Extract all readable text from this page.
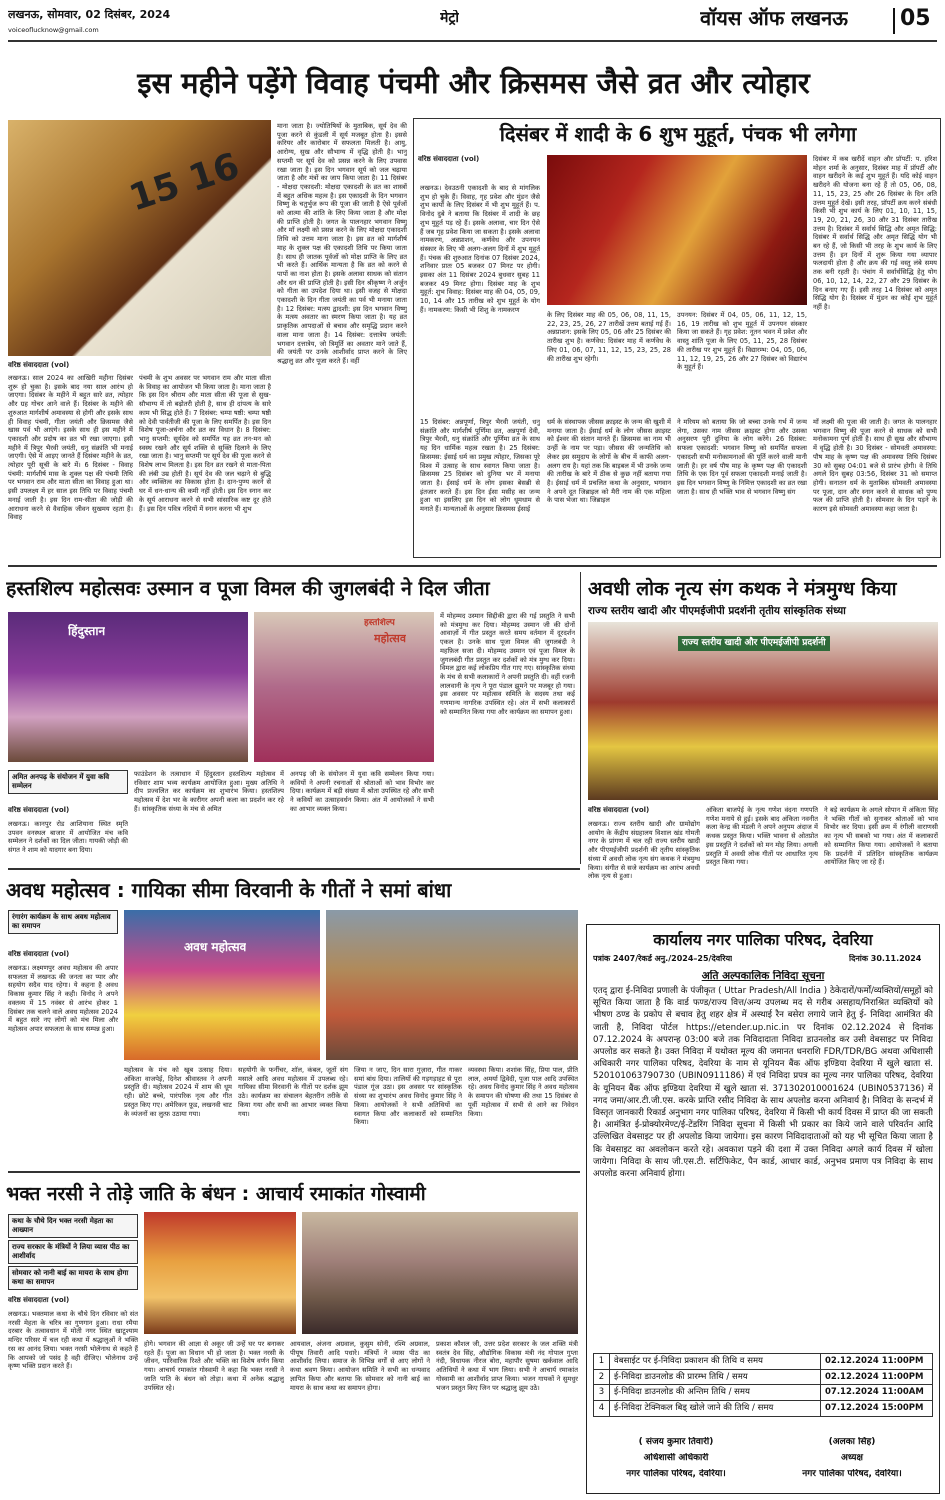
लखनऊ, सोमवार, 02 दिसंबर, 2024
voiceoflucknow@gmail.com
मेट्रो	वॉयस ऑफ लखनऊ 05
इस महीने पड़ेंगे विवाह पंचमी और क्रिसमस जैसे व्रत और त्योहार
15 16
वरिष्ठ संवाददाता (vol)
लखनऊ। साल 2024 का आखिरी महीना दिसंबर शुरू हो चुका है। इसके बाद नया साल आरंभ हो जाएगा। दिसंबर के महीने में बहुत सारे व्रत, त्योहार और ग्रह गोचर आने वाले हैं। दिसंबर के महीने की शुरुआत मार्गशीर्ष अमावस्या से होगी और इसके साथ ही विवाह पंचमी, गीता जयंती और क्रिसमस जैसे खास पर्व भी आएंगे। इसके साथ ही इस महीने में एकादशी और प्रदोष का व्रत भी रखा जाएगा। इसी महीने में त्रिपुर भैरवी जयंती, धनु संक्रांति भी मनाई जाएगी। ऐसे में आइए जानते हैं दिसंबर महीने के व्रत, त्योहार पूरी सूची के बारे में। 6 दिसंबर - विवाह पंचमी: मार्गशीर्ष मास के शुक्ल पक्ष की पंचमी तिथि पर भगवान राम और माता सीता का विवाह हुआ था। इसी उपलक्ष्य में हर साल इस तिथि पर विवाह पंचमी मनाई जाती है। इस दिन राम-सीता की जोड़ी की आराधना करने से वैवाहिक जीवन सुखमय रहता है। विवाह
पंचमी के शुभ अवसर पर भगवान राम और माता सीता के विवाह का आयोजन भी किया जाता है। माना जाता है कि इस दिन श्रीराम और माता सीता की पूजा से सुख-सौभाग्य में तो बढ़ोतरी होती है, साथ ही दांपत्य के सारे काम भी सिद्ध होते हैं। 7 दिसंबर: चम्पा षष्ठी: चम्पा षष्ठी को देवी पार्वतीजी की पूजा के लिए समर्पित है। इस दिन विशेष पूजा-अर्चना और व्रत का विधान है। 8 दिसंबर: भानु सप्तमी: सूर्यदेव को समर्पित यह व्रत तन-मन को स्वस्थ रखने और सूर्य शक्ति से सूक्ति दिलाने के लिए रखा जाता है। भानु सप्तमी पर सूर्य देव की पूजा करने से विशेष लाभ मिलता है। इस दिन व्रत रखने से माता-पिता की लंबी उम्र होती है। सूर्य देव की जल चढ़ाने से बुद्धि और व्यक्तित्व का विकास होता है। दान-पुण्य करने से घर में धन-धान्य की कमी नहीं होती। इस दिन स्नान कर के सूर्य आराधना करने से सभी सांसारिक कष्ट दूर होते हैं। इस दिन पवित्र नदियों में स्नान करना भी शुभ
माना जाता है। ज्योतिषियों के मुताबिक, सूर्य देव की पूजा करने से कुंडली में सूर्य मजबूत होता है। इससे करियर और कारोबार में सफलता मिलती है। आयु, आरोग्य, सुख और सौभाग्य में वृद्धि होती है। भानु सप्तमी पर सूर्य देव को प्रसन्न करने के लिए उपवास रखा जाता है। इस दिन भगवान सूर्य को जल चढ़ाया जाता है और मंत्रों का जाप किया जाता है। 11 दिसंबर - मोक्षदा एकादशी: मोक्षदा एकादशी के व्रत का शास्त्रों में बहुत अधिक महत्व है। इस एकादशी के दिन भगवान विष्णु के चतुर्भुज रूप की पूजा की जाती है ऐसे पूर्वजों को आत्मा की शांति के लिए किया जाता है और मोक्ष की प्राप्ति होती है। जगत के पालनहार भगवान विष्णु और माँ लक्ष्मी को प्रसन्न करने के लिए मोक्षदा एकादशी तिथि को उत्तम माना जाता है। इस व्रत को मार्गशीर्ष माह के शुक्ल पक्ष की एकादशी तिथि पर किया जाता है। साथ ही जातक पूर्वजों को मोक्ष प्राप्ति के लिए व्रत भी करते हैं। आर्थिक मान्यता है कि व्रत को करने से पापों का नाश होता है। इसके अलावा साधक को संतान और धन की प्राप्ति होती है। इसी दिन श्रीकृष्ण ने अर्जुन को गीता का उपदेश दिया था। इसी वजह से मोक्षदा एकादशी के दिन गीता जयंती का पर्व भी मनाया जाता है। 12 दिसंबर: मत्स्य द्वादशी: इस दिन भगवान विष्णु के मत्स्य अवतार का स्मरण किया जाता है। यह व्रत प्राकृतिक आपदाओं से बचाव और समृद्धि प्रदान करने वाला माना जाता है। 14 दिसंबर: दत्तात्रेय जयंती: भगवान दत्तात्रेय, जो त्रिमूर्ति का अवतार माने जाते हैं, की जयंती पर उनके आशीर्वाद प्राप्त करने के लिए श्रद्धालु व्रत और पूजा करते हैं। वहीं
दिसंबर में शादी के 6 शुभ मुहूर्त, पंचक भी लगेगा
वरिष्ठ संवाददाता (vol)
लखनऊ। देवउठनी एकादशी के बाद से मांगलिक शुभ हो चुके हैं। विवाह, गृह प्रवेश और मुंडन जैसे शुभ कार्यों के लिए दिसंबर में भी शुभ मुहूर्त हैं। प. विनोद दुबे ने बताया कि दिसंबर में शादी के छह शुभ मुहूर्त पड़ रहे हैं। इसके अलावा, चार दिन ऐसे हैं जब गृह प्रवेश किया जा सकता है। इसके अलावा नामकरण, अन्नप्राशन, कर्णवेध और उपनयन संस्कार के लिए भी अलग-अलग दिनों में शुभ मुहूर्त हैं। पंचक की शुरुआत दिनांक 07 दिसंबर 2024, शनिवार प्रातः 05 बजकर 07 मिनट पर होगी। इसका अंत 11 दिसंबर 2024 बुधवार सुबह 11 बजकर 49 मिनट होगा। दिसंबर माह के शुभ मुहूर्त: शुभ विवाह: दिसंबर माह की 04, 05, 09, 10, 14 और 15 तारीख को शुभ मुहूर्त के योग हैं। नामकरण: किसी भी शिशु के नामकरण
के लिए दिसंबर माह की 05, 06, 08, 11, 15, 22, 23, 25, 26, 27 तारीखें उत्तम बताई गई हैं। अन्नप्राशन: इसके लिए 05, 06 और 25 दिसंबर की तारीख शुभ है। कर्णवेध: दिसंबर माह में कर्णवेध के लिए 01, 06, 07, 11, 12, 15, 23, 25, 28 की तारीख शुभ रहेगी।
उपनयन: दिसंबर में 04, 05, 06, 11, 12, 15, 16, 19 तारीख को शुभ मुहूर्त में उपनयन संस्कार किया जा सकते हैं। गृह प्रवेश: नूतन भवन में प्रवेश और वास्तु शांति पूजा के लिए 05, 11, 25, 28 दिसंबर की तारीख पर शुभ मुहूर्त हैं। विद्यारम्भ: 04, 05, 06, 11, 12, 19, 25, 26 और 27 दिसंबर को विद्यारंभ के मुहूर्त हैं।
दिसंबर में कब खरीदें वाहन और प्रॉपर्टी: प. हरिश मोहन शर्मा के अनुसार, दिसंबर माह में प्रॉपर्टी और वाहन खरीदने के कई शुभ मुहूर्त हैं। यदि कोई वाहन खरीदने की योजना बना रहे हैं तो 05, 06, 08, 11, 15, 23, 25 और 26 दिसंबर के दिन अति उत्तम मुहूर्त देखें। इसी तरह, प्रॉपर्टी क्रय करने संबंधी किसी भी शुभ कार्य के लिए 01, 10, 11, 15, 19, 20, 21, 26, 30 और 31 दिसंबर तारीख उत्तम है। दिसंबर में सर्वार्थ सिद्धि और अमृत सिद्धि: दिसंबर में सर्वार्थ सिद्धि और अमृत सिद्धि योग भी बन रहे हैं, जो किसी भी तरह के शुभ कार्य के लिए उत्तम हैं। इन दिनों में शुरू किया गया व्यापार फलदायी होता है और क्रय की गई वस्तु लंबे समय तक बनी रहती है। पंचांग में सर्वार्थसिद्धि हेतु योग 06, 10, 12, 14, 22, 27 और 29 दिसंबर के दिन बनाए गए हैं। इसी तरह 14 दिसंबर को अमृत सिद्धि योग है। दिसंबर में मुंडन का कोई शुभ मुहूर्त नहीं है।
15 दिसंबर: अन्नपूर्णा, त्रिपुर भैरवी जयंती, धनु संक्रांति और मार्गशीर्ष पूर्णिमा व्रत, अन्नपूर्णा देवी, त्रिपुर भैरवी, धनु संक्रांति और पूर्णिमा व्रत के साथ यह दिन धार्मिक महत्व रखता है। 25 दिसंबर: क्रिसमस: ईसाई धर्म का प्रमुख त्योहार, जिसका पूरे विश्व में उत्साह के साथ स्वागत किया जाता है। क्रिसमस 25 दिसंबर को दुनिया भर में मनाया जाता है। ईसाई धर्म के लोग इसका बेसब्री से इंतजार करते हैं। इस दिन ईसा मसीह का जन्म हुआ था इसलिए इस दिन को लोग धूमधाम से मनाते हैं। मान्यताओं के अनुसार क्रिसमस ईसाई
धर्म के संस्थापक जीसस क्राइस्ट के जन्म की खुशी में मनाया जाता है। ईसाई धर्म के लोग जीसस क्राइस्ट को ईश्वर की संतान मानते हैं। क्रिसमस का नाम भी उन्हीं के नाम पर पड़ा। जीसस की जन्मतिथि को लेकर इस समुदाय के लोगों के बीच में काफी अलग-अलग राय है। यहां तक कि बाइबल में भी उनके जन्म की तारीख के बारे में ठीक से कुछ नहीं बताया गया है। ईसाई धर्म में प्रचलित कथा के अनुसार, भगवान ने अपने दूत जिब्राइल को मैरी नाम की एक महिला के पास भेजा था। जिब्राइल
ने मरियम को बताया कि जो बच्चा उनके गर्भ में जन्म लेगा, उसका नाम जीसस क्राइस्ट होगा और उसका अनुसरण पूरी दुनिया के लोग करेंगे। 26 दिसंबर: सफला एकादशी: भगवान विष्णु को समर्पित सफला एकादशी सभी मनोकामनाओं की पूर्ति करने वाली मानी जाती है। हर वर्ष पौष माह के कृष्ण पक्ष की एकादशी तिथि के एक दिन पूर्व सफला एकादशी मनाई जाती है। इस दिन भगवान विष्णु के निमित्त एकादशी का व्रत रखा जाता है। साथ ही भक्ति भाव से भगवान विष्णु संग
माँ लक्ष्मी की पूजा की जाती है। जगत के पालनहार भगवान विष्णु की पूजा करने से साधक को सभी मनोकामना पूर्ण होती है। साथ ही सुख और सौभाग्य में वृद्धि होती है। 30 दिसंबर - सोमवती अमावस्या: पौष माह के कृष्ण पक्ष की अमावस्या तिथि दिसंबर 30 को सुबह 04:01 बजे से प्रारंभ होगी। वे तिथि अगले दिन सुबह 03:56, दिसंबर 31 को समाप्त होगी। सनातन धर्म के मुताबिक सोमवती अमावस्या पर पूजा, दान और स्नान करने से साधक को पुण्य फल की प्राप्ति होती है। सोमवार के दिन पड़ने के कारण इसे सोमवती अमावस्या कहा जाता है।
हस्तशिल्प महोत्सवः उस्मान व पूजा विमल की जुगलबंदी ने दिल जीता
हिंदुस्तान
हस्तशिल्प
महोत्सव
में मोहम्मद उस्मान सिद्दीकी द्वारा की गई प्रस्तुति ने सभी को मंत्रमुग्ध कर दिया। मोहम्मद उस्मान जी की दोनों आवाज़ों में गीत प्रस्तुत करते समय वर्तमान में दूरदर्शन एकल है। उनके साथ पूजा विमल की जुगलबंदी ने महफ़िल सजा दी। मोहम्मद उस्मान एवं पूजा विमल के जुगलबंदी गीत प्रस्तुत कर दर्शकों को मंत्र मुग्ध कर दिया। विमल द्वारा कई लोकप्रिय गीत गाए गए। सांस्कृतिक संध्या के मंच से सभी कलाकारों ने अपनी प्रस्तुति दी। वहीं रजनी लालवानी के नृत्य ने पूरा पंडाल झूमने पर मजबूर हो गया। इस अवसर पर महोत्सव समिति के सदस्य तथा कई गणमान्य नागरिक उपस्थित रहे। अंत में सभी कलाकारों को सम्मानित किया गया और कार्यक्रम का समापन हुआ।
अमित अनपढ़ के संयोजन में युवा कवि सम्मेलन
वरिष्ठ संवाददाता (vol)
लखनऊ। कानपुर रोड आशियाना स्थित स्मृति उपवन वनस्थल बाजार में आयोजित मंच कवि सम्मेलन ने दर्शकों का दिल जीता। गायकी जोड़ी की संगत ने शाम को यादगार बना दिया।
फाउंडेशन के तत्वाधान में हिंदुस्तान हस्तशिल्प महोत्सव में रविवार शाम भव्य कार्यक्रम आयोजित हुआ। मुख्य अतिथि ने दीप प्रज्वलित कर कार्यक्रम का शुभारंभ किया। हस्तशिल्प महोत्सव में देश भर के कारीगर अपनी कला का प्रदर्शन कर रहे हैं। सांस्कृतिक संध्या के मंच से अमित
अनपढ़ जी के संयोजन में युवा कवि सम्मेलन किया गया। कवियों ने अपनी रचनाओं से श्रोताओं को भाव विभोर कर दिया। कार्यक्रम में बड़ी संख्या में श्रोता उपस्थित रहे और सभी ने कवियों का उत्साहवर्धन किया। अंत में आयोजकों ने सभी का आभार व्यक्त किया।
अवधी लोक नृत्य संग कथक ने मंत्रमुग्ध किया
राज्य स्तरीय खादी और पीएमईजीपी प्रदर्शनी तृतीय सांस्कृतिक संध्या
राज्य स्तरीय खादी और पीएमईजीपी प्रदर्शनी
वरिष्ठ संवाददाता (vol)
लखनऊ। राज्य स्तरीय खादी और ग्रामोद्योग आयोग के केंद्रीय संग्रहालय विशाल खंड गोमती नगर के प्रांगण में चल रही राज्य स्तरीय खादी और पीएमईजीपी प्रदर्शनी की तृतीय सांस्कृतिक संध्या में अवधी लोक नृत्य संग कथक ने मंत्रमुग्ध किया। संगीत से सजे कार्यक्रम का आरंभ अवधी लोक नृत्य से हुआ।
अंकिता बाजपेई के नृत्य गणेश वंदना गणपति गणेश मनाये से हुई। इसके बाद अंकिता नवनीत कला केन्द्र की मंडली ने अपने अनुपम अंदाज में कथक प्रस्तुत किया। भक्ति भावना से ओतप्रोत इस प्रस्तुति ने दर्शकों को मन मोह लिया। अगली प्रस्तुति में अवधी लोक गीतों पर आधारित नृत्य प्रस्तुत किया गया।
ने बड़े कार्यक्रम के अगले सोपान में अंकिता सिंह ने भक्ति गीतों को सुनाकर श्रोताओं को भाव विभोर कर दिया। इसी क्रम में रंगीली वाराणसी का नृत्य भी सबको भा गया। अंत में कलाकारों को सम्मानित किया गया। आयोजकों ने बताया कि प्रदर्शनी में प्रतिदिन सांस्कृतिक कार्यक्रम आयोजित किए जा रहे हैं।
अवध महोत्सव : गायिका सीमा विरवानी के गीतों ने समां बांधा
रंगारंग कार्यक्रम के साथ अवध महोत्सव का समापन
वरिष्ठ संवाददाता (vol)
लखनऊ। लक्ष्मणपुर अवध महोत्सव की अपार सफलता में लखनऊ की जनता का प्यार और सहयोग सदैव याद रहेगा। ये कहना है अवध विकास कुमार सिंह ने कही। विनोद ने अपने वक्तव्य में 15 नवंबर से आरंभ होकर 1 दिसंबर तक चलने वाले अवध महोत्सव 2024 में बहुत सारे नए लोगों को मंच मिला और महोत्सव अपार सफलता के साथ सम्पन्न हुआ।
अवध महोत्सव
महोत्सव के मंच को खूब उत्साह दिया। अंकिता वाजपेई, दिनेश श्रीवास्तव ने अपनी प्रस्तुति दी। महोत्सव 2024 में शाम की धूम रही। छोटे बच्चे, पारंपरिक नृत्य और गीत प्रस्तुत किए गए। अमेरिकन फ़ूड, लखनवी चाट के व्यंजनों का लुत्फ़ उठाया गया।
सहयोगी के फर्नीचर, शॉल, कंबल, जूतों संग मसाले आदि अवध महोत्सव में उपलब्ध रहे। गायिका सीमा विरवानी के गीतों पर दर्शक झूम उठे। कार्यक्रम का संचालन बेहतरीन तरीके से किया गया और सभी का आभार व्यक्त किया गया।
जिया न जाए, दिन सारा गुज़ारा, गीत गाकर समां बांध दिया। तालियों की गड़गड़ाहट से पूरा पंडाल गूंज उठा। इस अवसर पर सांस्कृतिक संध्या का शुभारंभ अवध विनोद कुमार सिंह ने किया। आयोजकों ने सभी अतिथियों का स्वागत किया और कलाकारों को सम्मानित किया।
व्यवस्था किया। शशांक सिंह, प्रिया पाल, प्रीति लाल, अमर्या द्विवेदी, पूजा पाल आदि उपस्थित रहे। अवध विनोद कुमार सिंह ने अवध महोत्सव के समापन की घोषणा की तथा 15 दिसंबर से पूर्वी महोत्सव में सभी से आने का निवेदन किया।
भक्त नरसी ने तोड़े जाति के बंधन : आचार्य रमाकांत गोस्वामी
कथा के चौथे दिन भक्त नरसी मेहता का आख्यान
राज्य सरकार के मंत्रियों ने लिया व्यास पीठ का आशीर्वाद
सोमवार को नानी बाई का मायरा के साथ होगा कथा का समापन
वरिष्ठ संवाददाता (vol)
लखनऊ। भक्तमाल कथा के चौथे दिन रविवार को संत नरसी मेहता के चरित्र का गुणगान हुआ। राधा रमैया दरबार के तत्वावधान में मोती नगर स्थित खाटूश्याम मन्दिर परिसर में चल रही कथा में श्रद्धालुओं ने भक्ति रस का आनंद लिया। भक्त नरसी भोलेनाथ से कहते हैं कि आपको जो पसंद है वही दीजिए। भोलेनाथ उन्हें कृष्ण भक्ति प्रदान करते हैं।
होगे। भगवान की आज्ञा से अकूर जी उन्हें घर पर बनाकर रहते हैं। पूजा का विधान भी हो जाता है। भक्त नरसी के जीवन, पारिवारिक रिश्ते और भक्ति का विशेष वर्णन किया गया। आचार्य रमाकांत गोस्वामी ने कहा कि भक्त नरसी ने जाति पाति के बंधन को तोड़ा। कथा में अनेक श्रद्धालु उपस्थित रहे।
आयवाल, अंजना अग्रवाल, कुसुम सोनी, रश्मि अग्रवाल, पीयूष तिवारी आदि पधारे। मंत्रियों ने व्यास पीठ का आशीर्वाद लिया। समाज के विभिन्न वर्गों से आए लोगों ने कथा श्रवण किया। आयोजन समिति ने सभी का धन्यवाद ज्ञापित किया और बताया कि सोमवार को नानी बाई का मायरा के साथ कथा का समापन होगा।
प्रकाश कौशल जी, उत्तर प्रदेश सरकार के जल शक्ति मंत्री स्वतंत्र देव सिंह, औद्योगिक विकास मंत्री नंद गोपाल गुप्ता नंदी, विधायक नीरज बोरा, महापौर सुषमा खर्कवाल आदि अतिथियों ने कथा में भाग लिया। सभी ने आचार्य रमाकांत गोस्वामी का आशीर्वाद प्राप्त किया। भजन गायकों ने सुमधुर भजन प्रस्तुत किए जिन पर श्रद्धालु झूम उठे।
कार्यालय नगर पालिका परिषद, देवरिया
पत्रांक 2407/रेकर्ड अनु./2024–25/देवरिया	दिनांक 30.11.2024
अति अल्पकालिक निविदा सूचना
एतद् द्वारा ई-निविदा प्रणाली के पंजीकृत ( Uttar Pradesh/All India ) ठेकेदारों/फर्मों/व्यक्तियों/समूहों को सूचित किया जाता है कि वार्ड फण्ड/राज्य वित्त/अन्य उपलब्ध मद से गरीब असहाय/निराश्रित व्यक्तियों को भीषण ठण्ड के प्रकोप से बचाव हेतु शहर क्षेत्र में अस्थाई रैन बसेरा लगाये जाने हेतु ई- निविदा आमंत्रित की जाती है, निविदा पोर्टल https://etender.up.nic.in पर दिनांक 02.12.2024 से दिनांक 07.12.2024 के अपरान्ह 03:00 बजे तक निविदादाता निविदा डाउनलोड कर उसी वेबसाइट पर निविदा अपलोड कर सकते है। उक्त निविदा में यथोक्त मूल्य की जमानत धनराशि FDR/TDR/BG अथवा अधिशासी अधिकारी नगर पालिका परिषद, देवरिया के नाम से यूनियन बैंक ऑफ इण्डिया देवरिया में खुले खाता सं. 520101063790730 (UBIN0911186) में एवं निविदा प्रपत्र का मूल्य नगर पालिका परिषद, देवरिया के यूनियन बैंक ऑफ इण्डिया देवरिया में खुले खाता सं. 371302010001624 (UBIN0537136) में नगद जमा/आर.टी.जी.एस. करके प्राप्ति रसीद निविदा के साथ अपलोड करना अनिवार्य है। निविदा के सन्दर्भ में विस्तृत जानकारी रिकार्ड अनुभाग नगर पालिका परिषद, देवरिया में किसी भी कार्य दिवस में प्राप्त की जा सकती है। आमंत्रित ई-प्रोक्योरमेण्ट/ई-टेंडरिंग निविदा सूचना में किसी भी प्रकार का किये जाने वाले परिवर्तन आदि उल्लिखित वेबसाइट पर ही अपलोड किया जायेगा। इस कारण निविदादाताओं को यह भी सूचित किया जाता है कि वेबसाइट का अवलोकन करते रहे। अवकाश पड़ने की दशा में उक्त निविदा अगले कार्य दिवस में खोला जायेगा। निविदा के साथ जी.एस.टी. सर्टिफिकेट, पैन कार्ड, आधार कार्ड, अनुभव प्रमाण पत्र निविदा के साथ अपलोड करना अनिवार्य होगा।
1	वेबसाईट पर ई-निविदा प्रकाशन की तिथि व समय	02.12.2024 11:00PM
2	ई-निविदा डाउनलोड की प्रारम्भ तिथि / समय	02.12.2024 11:00PM
3	ई-निविदा डाउनलोड की अन्तिम तिथि / समय	07.12.2024 11:00AM
4	ई-निविदा टेक्निकल बिड् खोले जाने की तिथि / समय	07.12.2024 15:00PM
( संजय कुमार तिवारी)
अधिशासी अधिकारी
नगर पालिका परिषद, देवरिया।
(अलका सिंह)
अध्यक्ष
नगर पालिका परिषद, देवरिया।
